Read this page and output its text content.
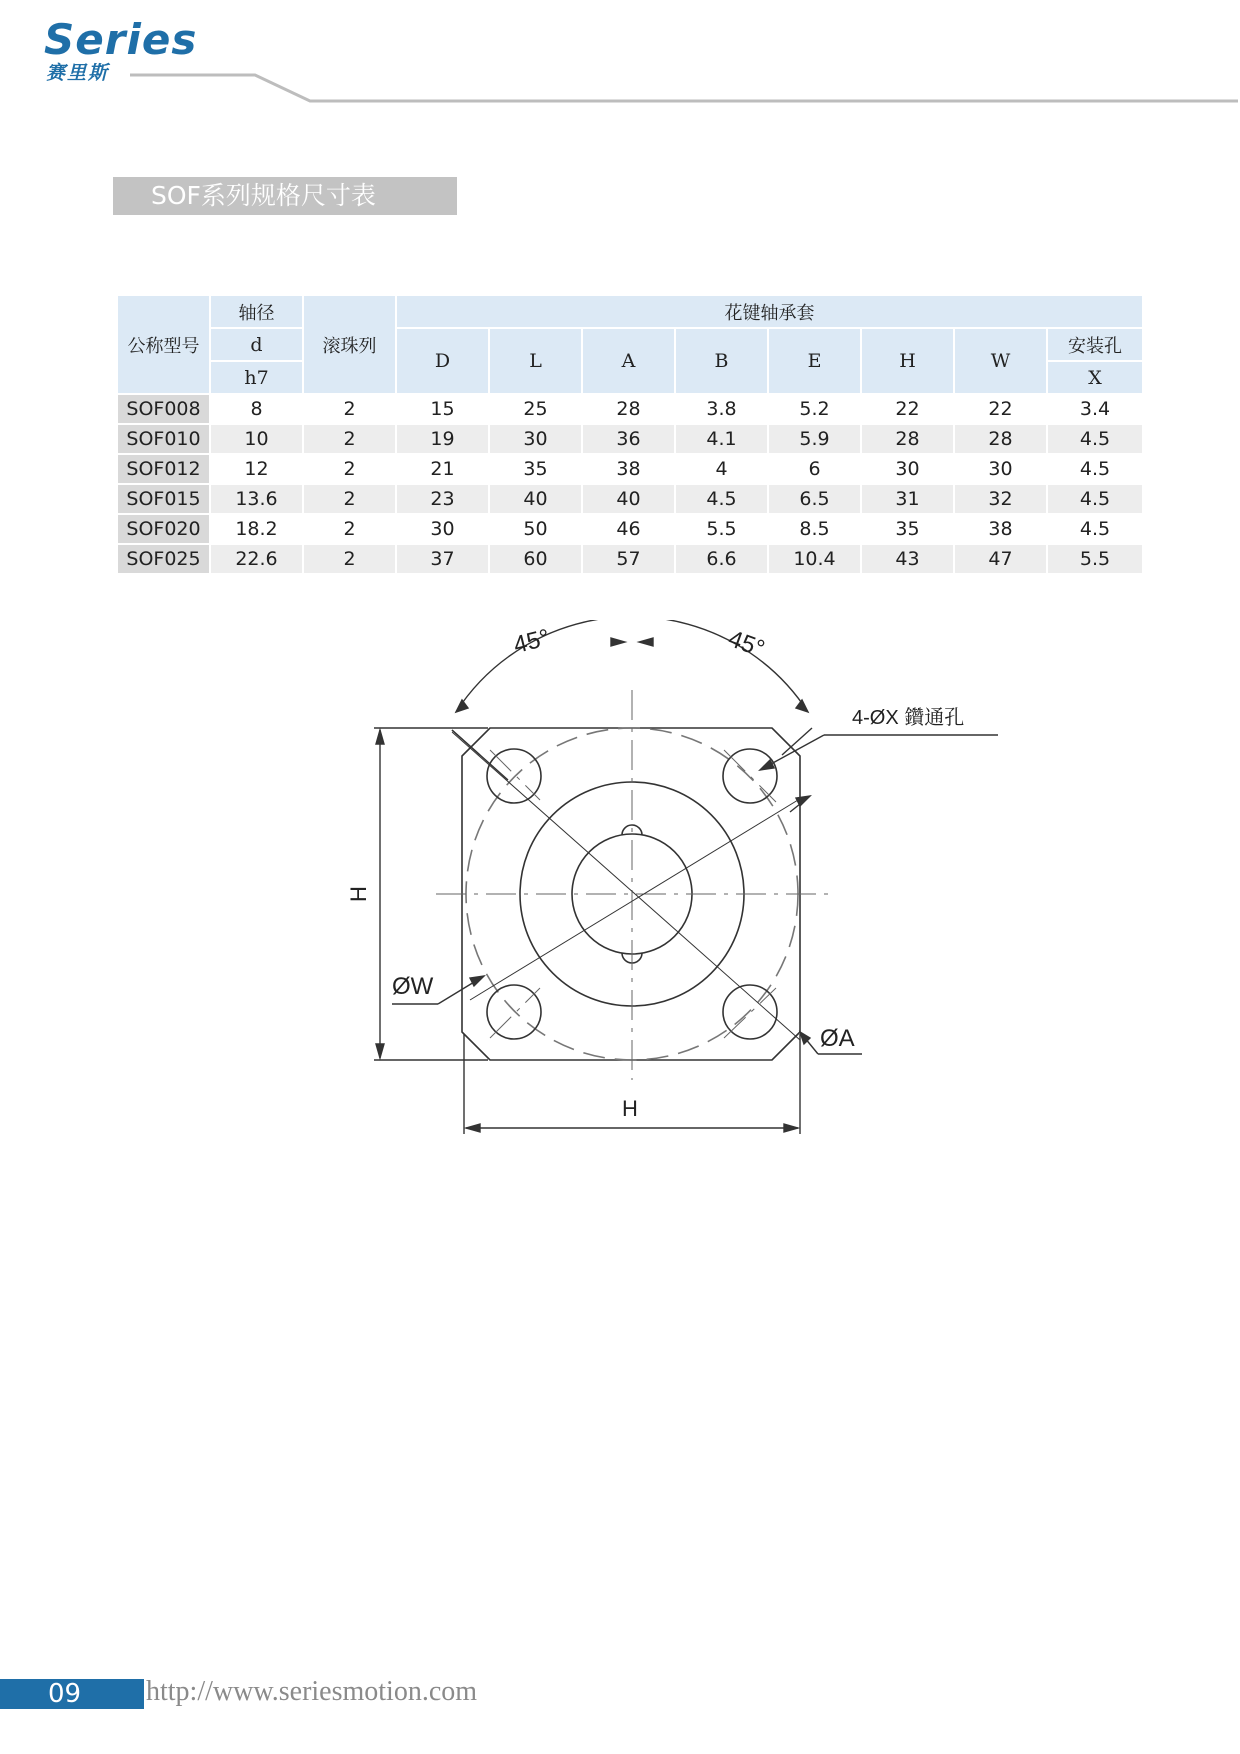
Series
赛里斯
SOF系列规格尺寸表
公称型号	轴径	滚珠列	花键轴承套							
	d		D	L	A	B	E	H	W	安装孔
	h7									X
SOF008	8	2	15	25	28	3.8	5.2	22	22	3.4
SOF010	10	2	19	30	36	4.1	5.9	28	28	4.5
SOF012	12	2	21	35	38	4	6	30	30	4.5
SOF015	13.6	2	23	40	40	4.5	6.5	31	32	4.5
SOF020	18.2	2	30	50	46	5.5	8.5	35	38	4.5
SOF025	22.6	2	37	60	57	6.6	10.4	43	47	5.5
45°	45°
4-ØX 鑽通孔
H
H
ØW
ØA
09	http://www.seriesmotion.com
